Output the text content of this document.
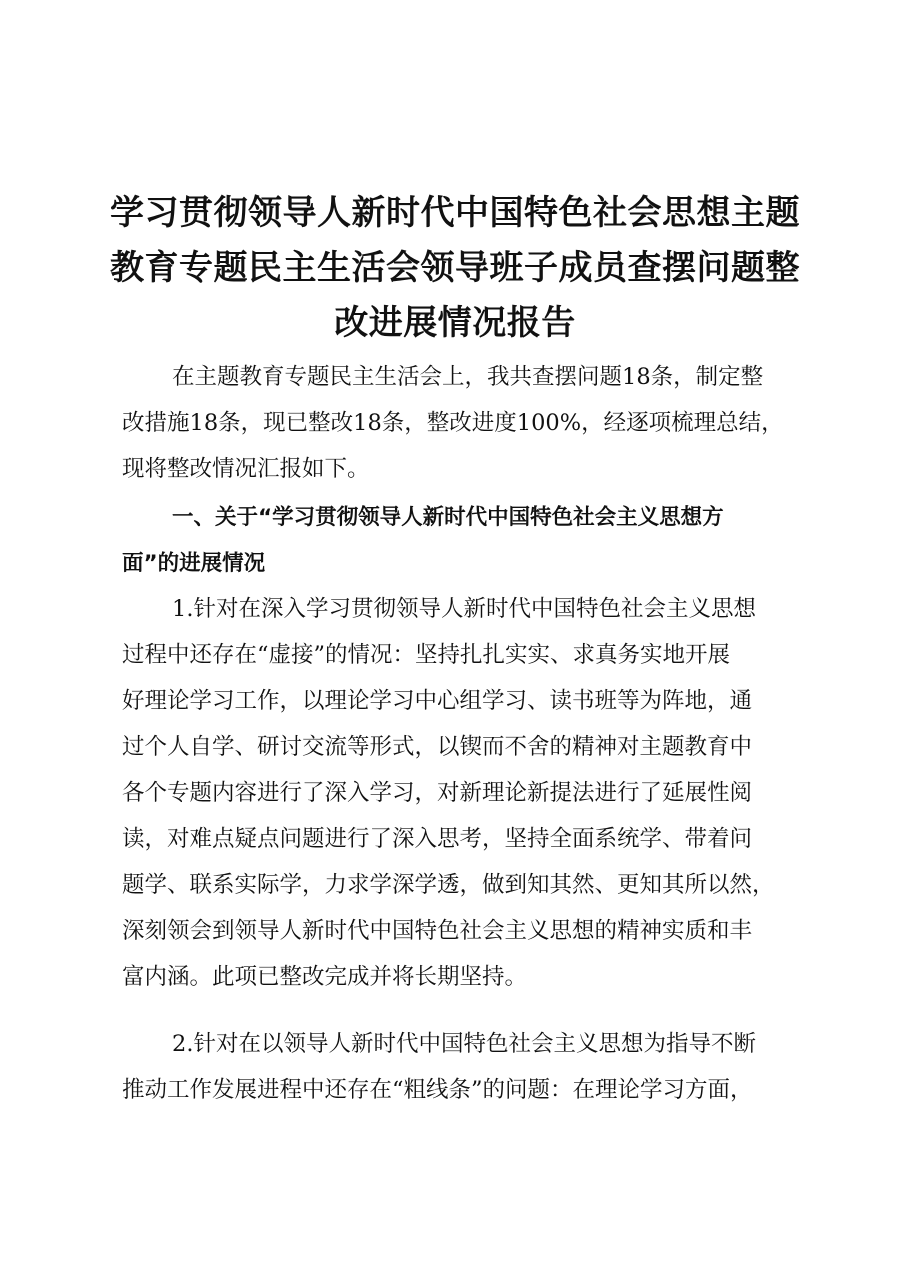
学习贯彻领导人新时代中国特色社会思想主题
教育专题民主生活会领导班子成员查摆问题整
改进展情况报告

在主题教育专题民主生活会上，我共查摆问题18条，制定整
改措施18条，现已整改18条，整改进度100%，经逐项梳理总结，
现将整改情况汇报如下。

一、关于“学习贯彻领导人新时代中国特色社会主义思想方
面”的进展情况

1.针对在深入学习贯彻领导人新时代中国特色社会主义思想
过程中还存在“虚接”的情况：坚持扎扎实实、求真务实地开展
好理论学习工作，以理论学习中心组学习、读书班等为阵地，通
过个人自学、研讨交流等形式，以锲而不舍的精神对主题教育中
各个专题内容进行了深入学习，对新理论新提法进行了延展性阅
读，对难点疑点问题进行了深入思考，坚持全面系统学、带着问
题学、联系实际学，力求学深学透，做到知其然、更知其所以然，
深刻领会到领导人新时代中国特色社会主义思想的精神实质和丰
富内涵。此项已整改完成并将长期坚持。

2.针对在以领导人新时代中国特色社会主义思想为指导不断
推动工作发展进程中还存在“粗线条”的问题：在理论学习方面，
